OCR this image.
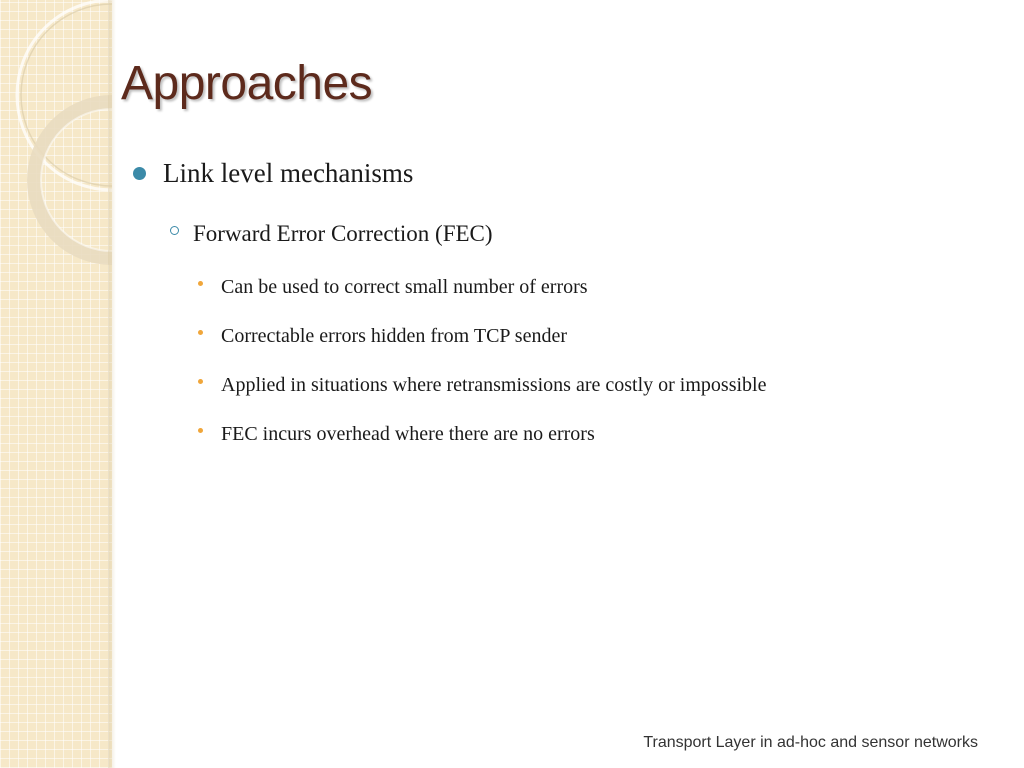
Approaches
Link level mechanisms
Forward Error Correction (FEC)
Can be used to correct small number of errors
Correctable errors hidden from TCP sender
Applied in situations where retransmissions are costly or impossible
FEC incurs overhead where there are no errors
Transport Layer in ad-hoc and sensor networks
